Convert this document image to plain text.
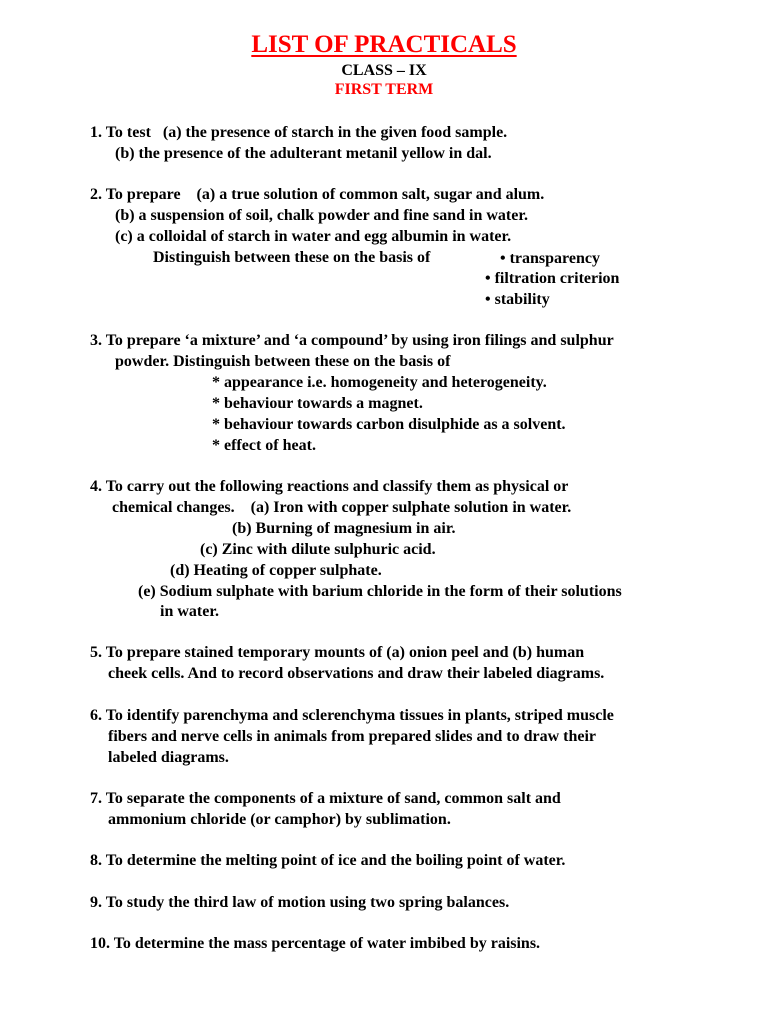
LIST OF PRACTICALS
CLASS – IX
FIRST TERM
1. To test   (a) the presence of starch in the given food sample.
(b) the presence of the adulterant metanil yellow in dal.
2. To prepare    (a) a true solution of common salt, sugar and alum.
(b) a suspension of soil, chalk powder and fine sand in water.
(c) a colloidal of starch in water and egg albumin in water.
Distinguish between these on the basis of	• transparency
• filtration criterion
• stability
3. To prepare ‘a mixture’ and ‘a compound’ by using iron filings and sulphur
powder. Distinguish between these on the basis of
* appearance i.e. homogeneity and heterogeneity.
* behaviour towards a magnet.
* behaviour towards carbon disulphide as a solvent.
* effect of heat.
4. To carry out the following reactions and classify them as physical or
chemical changes.    (a) Iron with copper sulphate solution in water.
(b) Burning of magnesium in air.
(c) Zinc with dilute sulphuric acid.
(d) Heating of copper sulphate.
(e) Sodium sulphate with barium chloride in the form of their solutions
in water.
5. To prepare stained temporary mounts of (a) onion peel and (b) human
cheek cells. And to record observations and draw their labeled diagrams.
6. To identify parenchyma and sclerenchyma tissues in plants, striped muscle
fibers and nerve cells in animals from prepared slides and to draw their
labeled diagrams.
7. To separate the components of a mixture of sand, common salt and
ammonium chloride (or camphor) by sublimation.
8. To determine the melting point of ice and the boiling point of water.
9. To study the third law of motion using two spring balances.
10. To determine the mass percentage of water imbibed by raisins.
